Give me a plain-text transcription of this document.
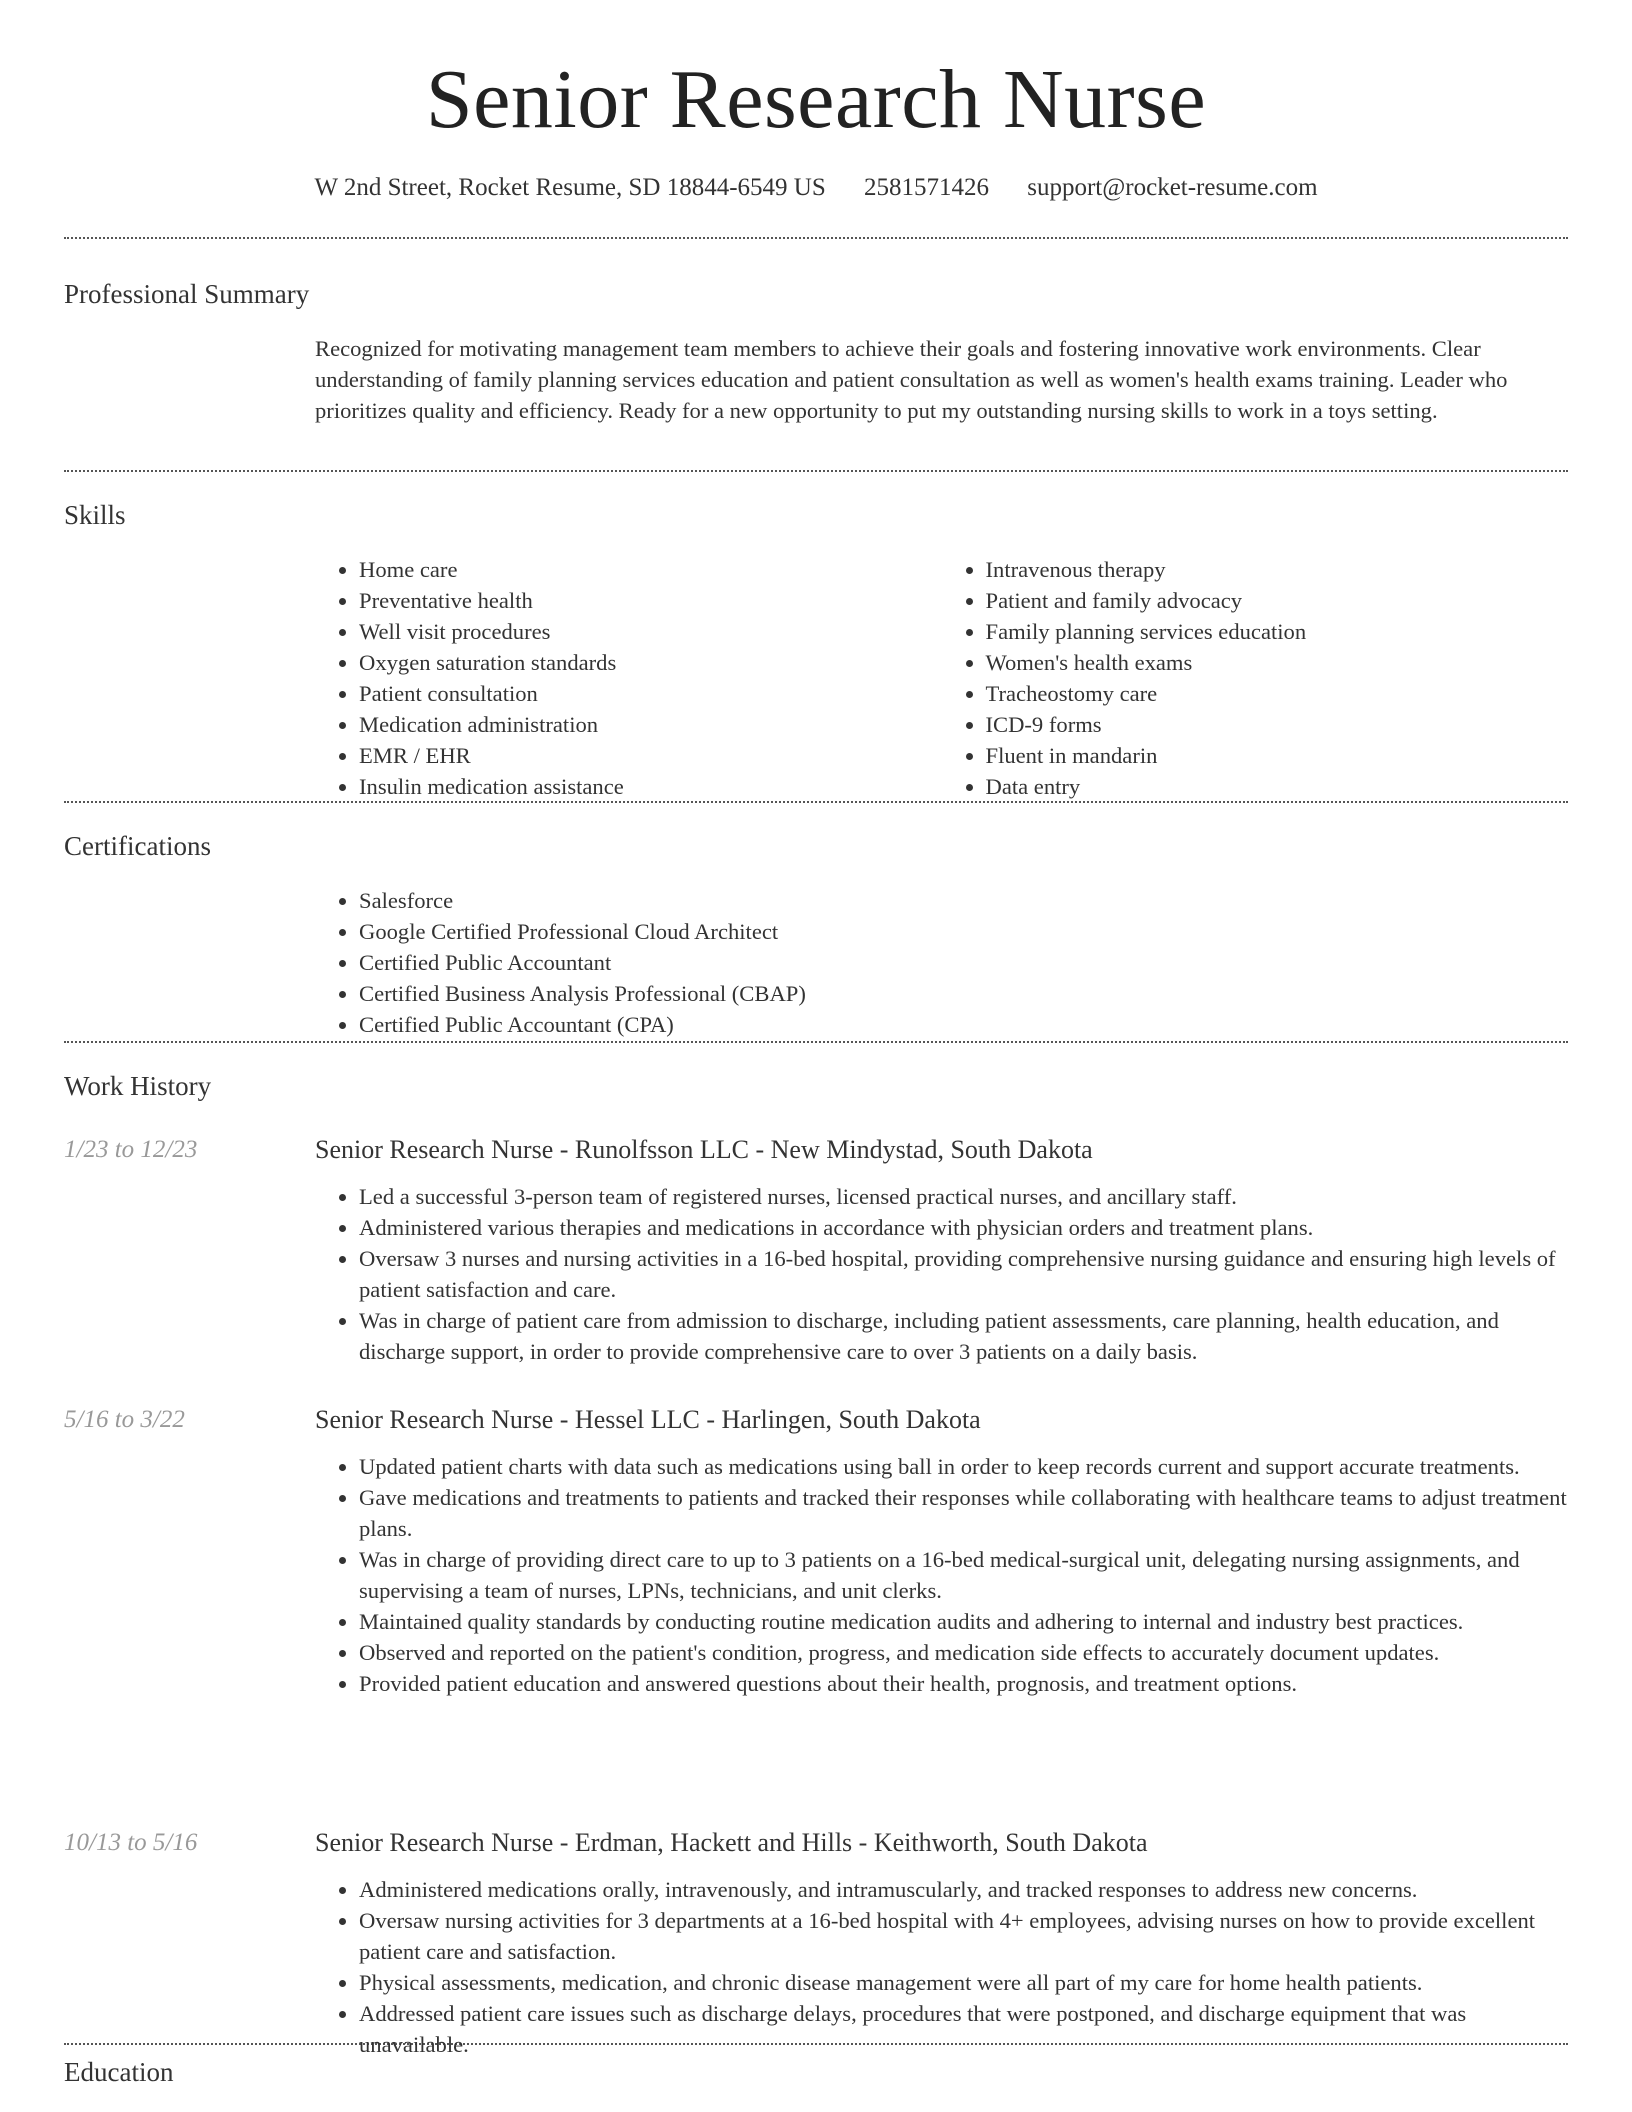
Senior Research Nurse
W 2nd Street, Rocket Resume, SD 18844-6549 US 2581571426 support@rocket-resume.com
Professional Summary
Recognized for motivating management team members to achieve their goals and fostering innovative work environments. Clear understanding of family planning services education and patient consultation as well as women's health exams training. Leader who prioritizes quality and efficiency. Ready for a new opportunity to put my outstanding nursing skills to work in a toys setting.
Skills
• Home care
• Preventative health
• Well visit procedures
• Oxygen saturation standards
• Patient consultation
• Medication administration
• EMR / EHR
• Insulin medication assistance
• Intravenous therapy
• Patient and family advocacy
• Family planning services education
• Women's health exams
• Tracheostomy care
• ICD-9 forms
• Fluent in mandarin
• Data entry
Certifications
• Salesforce
• Google Certified Professional Cloud Architect
• Certified Public Accountant
• Certified Business Analysis Professional (CBAP)
• Certified Public Accountant (CPA)
Work History
1/23 to 12/23	Senior Research Nurse - Runolfsson LLC - New Mindystad, South Dakota
• Led a successful 3-person team of registered nurses, licensed practical nurses, and ancillary staff.
• Administered various therapies and medications in accordance with physician orders and treatment plans.
• Oversaw 3 nurses and nursing activities in a 16-bed hospital, providing comprehensive nursing guidance and ensuring high levels of patient satisfaction and care.
• Was in charge of patient care from admission to discharge, including patient assessments, care planning, health education, and discharge support, in order to provide comprehensive care to over 3 patients on a daily basis.
5/16 to 3/22	Senior Research Nurse - Hessel LLC - Harlingen, South Dakota
• Updated patient charts with data such as medications using ball in order to keep records current and support accurate treatments.
• Gave medications and treatments to patients and tracked their responses while collaborating with healthcare teams to adjust treatment plans.
• Was in charge of providing direct care to up to 3 patients on a 16-bed medical-surgical unit, delegating nursing assignments, and supervising a team of nurses, LPNs, technicians, and unit clerks.
• Maintained quality standards by conducting routine medication audits and adhering to internal and industry best practices.
• Observed and reported on the patient's condition, progress, and medication side effects to accurately document updates.
• Provided patient education and answered questions about their health, prognosis, and treatment options.
10/13 to 5/16	Senior Research Nurse - Erdman, Hackett and Hills - Keithworth, South Dakota
• Administered medications orally, intravenously, and intramuscularly, and tracked responses to address new concerns.
• Oversaw nursing activities for 3 departments at a 16-bed hospital with 4+ employees, advising nurses on how to provide excellent patient care and satisfaction.
• Physical assessments, medication, and chronic disease management were all part of my care for home health patients.
• Addressed patient care issues such as discharge delays, procedures that were postponed, and discharge equipment that was unavailable.
Education
